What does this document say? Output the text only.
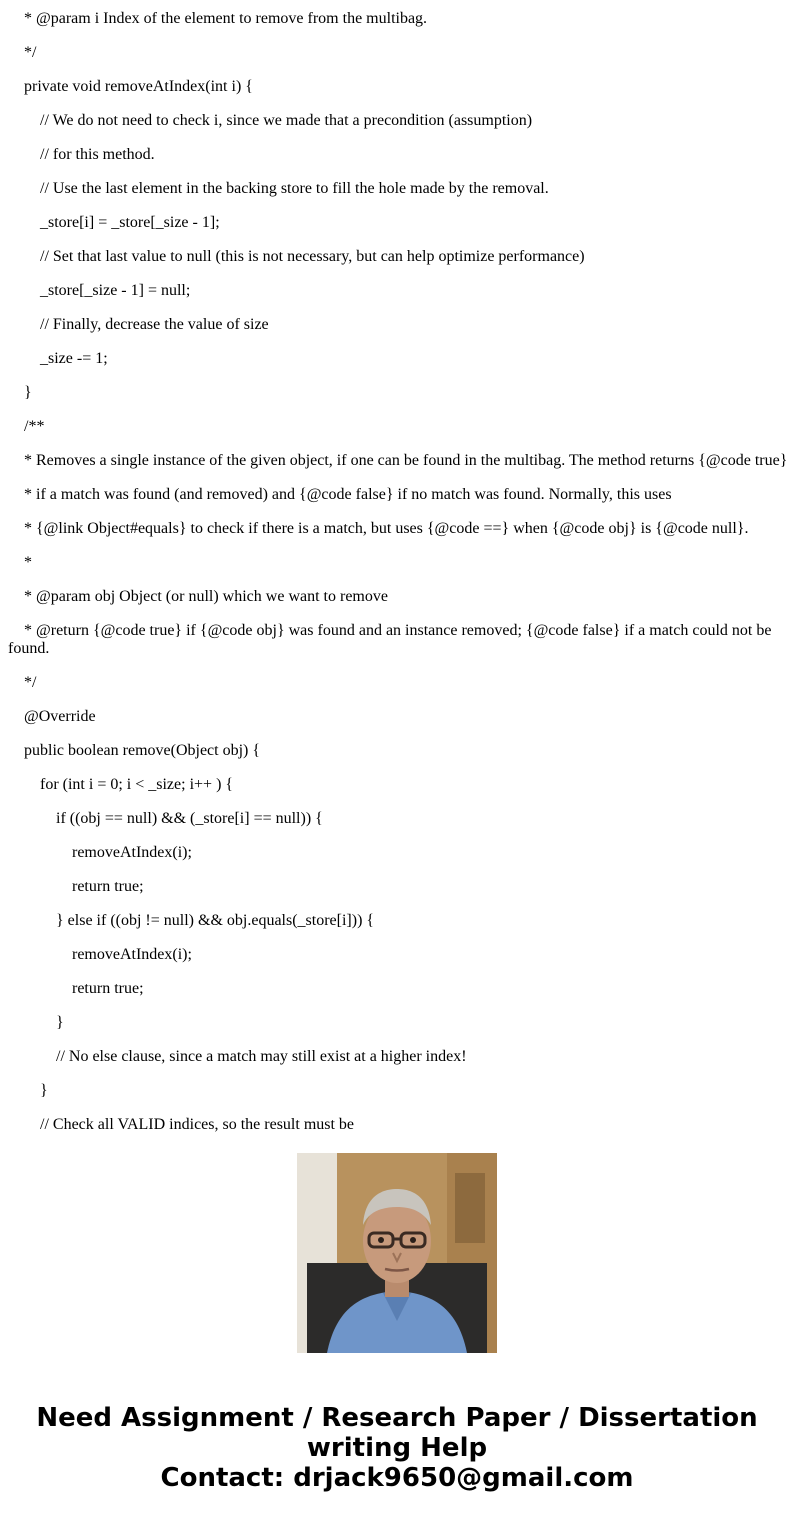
* @param i Index of the element to remove from the multibag.
*/
private void removeAtIndex(int i) {
// We do not need to check i, since we made that a precondition (assumption)
// for this method.
// Use the last element in the backing store to fill the hole made by the removal.
_store[i] = _store[_size - 1];
// Set that last value to null (this is not necessary, but can help optimize performance)
_store[_size - 1] = null;
// Finally, decrease the value of size
_size -= 1;
}
/**
* Removes a single instance of the given object, if one can be found in the multibag. The method returns {@code true}
* if a match was found (and removed) and {@code false} if no match was found. Normally, this uses
* {@link Object#equals} to check if there is a match, but uses {@code ==} when {@code obj} is {@code null}.
*
* @param obj Object (or null) which we want to remove
* @return {@code true} if {@code obj} was found and an instance removed; {@code false} if a match could not be found.
*/
@Override
public boolean remove(Object obj) {
for (int i = 0; i < _size; i++ ) {
if ((obj == null) && (_store[i] == null)) {
removeAtIndex(i);
return true;
} else if ((obj != null) && obj.equals(_store[i])) {
removeAtIndex(i);
return true;
}
// No else clause, since a match may still exist at a higher index!
}
// Check all VALID indices, so the result must be
Need Assignment / Research Paper / Dissertation
writing Help
Contact: drjack9650@gmail.com
